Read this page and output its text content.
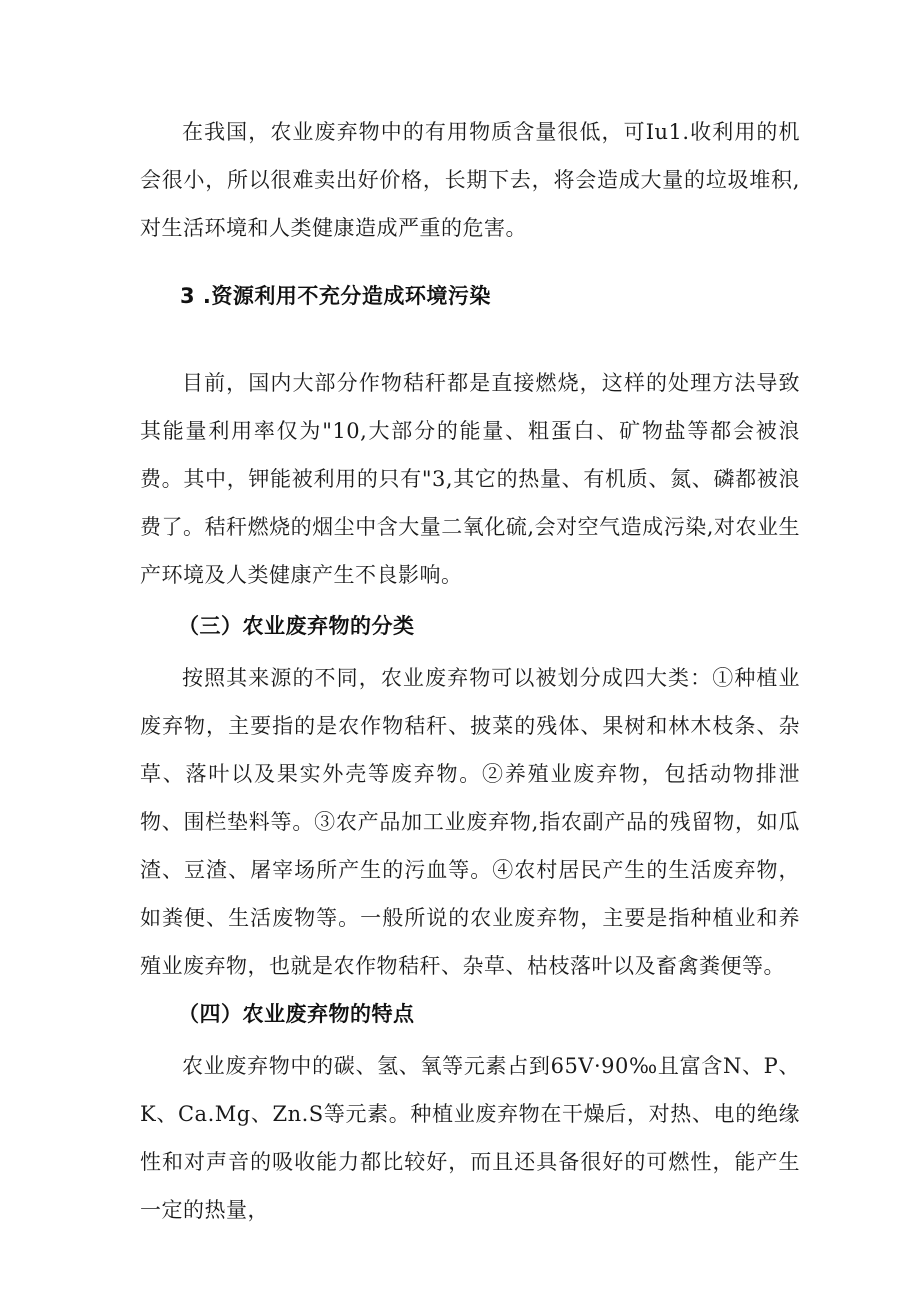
在我国，农业废弃物中的有用物质含量很低，可Iu1.收利用的机会很小，所以很难卖出好价格，长期下去，将会造成大量的垃圾堆积,对生活环境和人类健康造成严重的危害。

3 .资源利用不充分造成环境污染

目前，国内大部分作物秸秆都是直接燃烧，这样的处理方法导致其能量利用率仅为"10,大部分的能量、粗蛋白、矿物盐等都会被浪费。其中，钾能被利用的只有"3,其它的热量、有机质、氮、磷都被浪费了。秸秆燃烧的烟尘中含大量二氧化硫,会对空气造成污染,对农业生产环境及人类健康产生不良影响。

（三）农业废弃物的分类

按照其来源的不同，农业废弃物可以被划分成四大类：①种植业废弃物，主要指的是农作物秸秆、披菜的残体、果树和林木枝条、杂草、落叶以及果实外壳等废弃物。②养殖业废弃物，包括动物排泄物、围栏垫料等。③农产品加工业废弃物,指农副产品的残留物，如瓜渣、豆渣、屠宰场所产生的污血等。④农村居民产生的生活废弃物，如粪便、生活废物等。一般所说的农业废弃物，主要是指种植业和养殖业废弃物，也就是农作物秸秆、杂草、枯枝落叶以及畜禽粪便等。

（四）农业废弃物的特点

农业废弃物中的碳、氢、氧等元素占到65V·90‰且富含N、P、K、Ca.Mg、Zn.S等元素。种植业废弃物在干燥后，对热、电的绝缘性和对声音的吸收能力都比较好，而且还具备很好的可燃性，能产生一定的热量，
